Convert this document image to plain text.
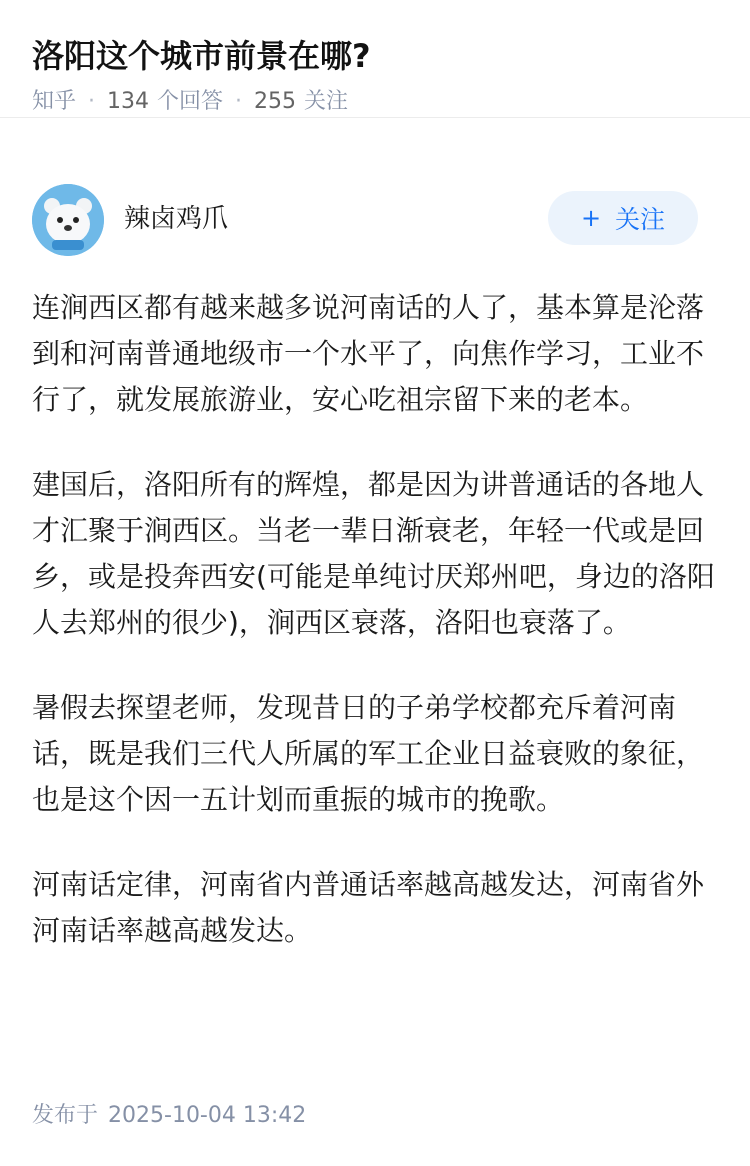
洛阳这个城市前景在哪?
知乎 · 134 个回答 · 255 关注
辣卤鸡爪	+ 关注

连涧西区都有越来越多说河南话的人了，基本算是沦落到和河南普通地级市一个水平了，向焦作学习，工业不行了，就发展旅游业，安心吃祖宗留下来的老本。

建国后，洛阳所有的辉煌，都是因为讲普通话的各地人才汇聚于涧西区。当老一辈日渐衰老，年轻一代或是回乡，或是投奔西安(可能是单纯讨厌郑州吧，身边的洛阳人去郑州的很少)，涧西区衰落，洛阳也衰落了。

暑假去探望老师，发现昔日的子弟学校都充斥着河南话，既是我们三代人所属的军工企业日益衰败的象征，也是这个因一五计划而重振的城市的挽歌。

河南话定律，河南省内普通话率越高越发达，河南省外河南话率越高越发达。

发布于 2025-10-04 13:42
